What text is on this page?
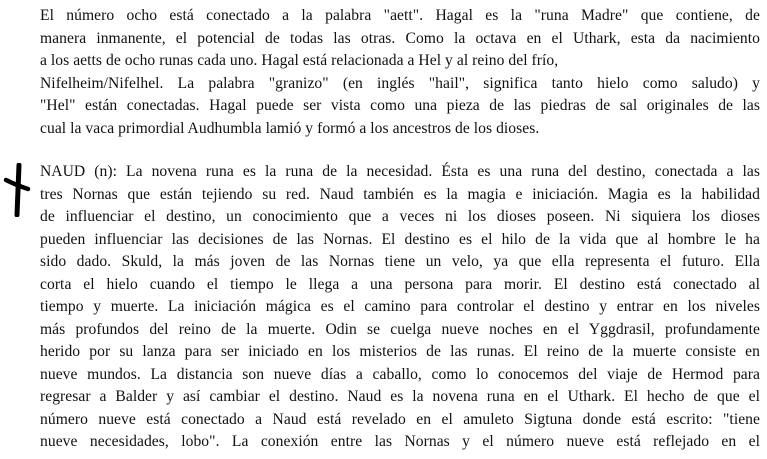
El número ocho está conectado a la palabra "aett". Hagal es la "runa Madre" que contiene, de
manera inmanente, el potencial de todas las otras. Como la octava en el Uthark, esta da nacimiento
a los aetts de ocho runas cada uno. Hagal está relacionada a Hel y al reino del frío,
Nifelheim/Nifelhel. La palabra "granizo" (en inglés "hail", significa tanto hielo como saludo) y
"Hel" están conectadas. Hagal puede ser vista como una pieza de las piedras de sal originales de las
cual la vaca primordial Audhumbla lamió y formó a los ancestros de los dioses.
NAUD (n): La novena runa es la runa de la necesidad. Ésta es una runa del destino, conectada a las
tres Nornas que están tejiendo su red. Naud también es la magia e iniciación. Magia es la habilidad
de influenciar el destino, un conocimiento que a veces ni los dioses poseen. Ni siquiera los dioses
pueden influenciar las decisiones de las Nornas. El destino es el hilo de la vida que al hombre le ha
sido dado. Skuld, la más joven de las Nornas tiene un velo, ya que ella representa el futuro. Ella
corta el hielo cuando el tiempo le llega a una persona para morir. El destino está conectado al
tiempo y muerte. La iniciación mágica es el camino para controlar el destino y entrar en los niveles
más profundos del reino de la muerte. Odin se cuelga nueve noches en el Yggdrasil, profundamente
herido por su lanza para ser iniciado en los misterios de las runas. El reino de la muerte consiste en
nueve mundos. La distancia son nueve días a caballo, como lo conocemos del viaje de Hermod para
regresar a Balder y así cambiar el destino. Naud es la novena runa en el Uthark. El hecho de que el
número nueve está conectado a Naud está revelado en el amuleto Sigtuna donde está escrito: "tiene
nueve necesidades, lobo". La conexión entre las Nornas y el número nueve está reflejado en el
